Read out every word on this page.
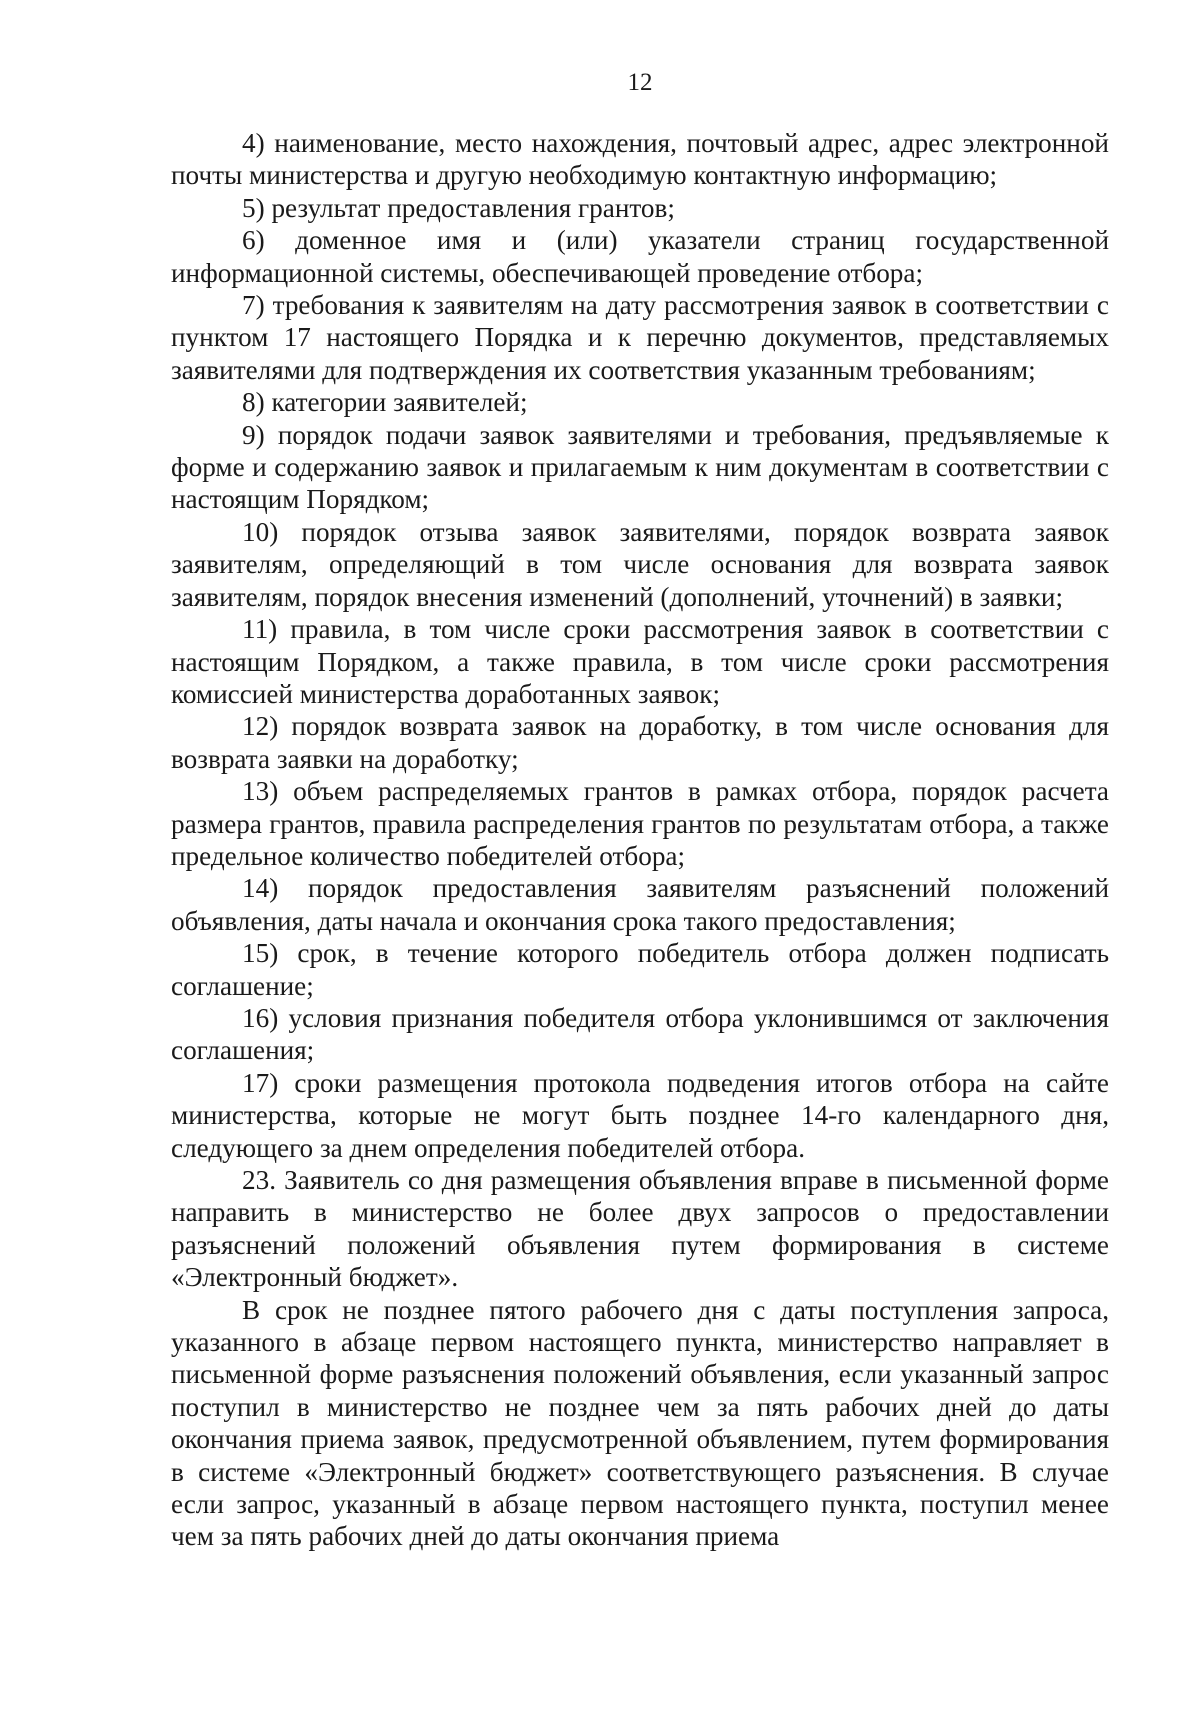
12

4) наименование, место нахождения, почтовый адрес, адрес электронной почты министерства и другую необходимую контактную информацию;

5) результат предоставления грантов;

6) доменное имя и (или) указатели страниц государственной информационной системы, обеспечивающей проведение отбора;

7) требования к заявителям на дату рассмотрения заявок в соответствии с пунктом 17 настоящего Порядка и к перечню документов, представляемых заявителями для подтверждения их соответствия указанным требованиям;

8) категории заявителей;

9) порядок подачи заявок заявителями и требования, предъявляемые к форме и содержанию заявок и прилагаемым к ним документам в соответствии с настоящим Порядком;

10) порядок отзыва заявок заявителями, порядок возврата заявок заявителям, определяющий в том числе основания для возврата заявок заявителям, порядок внесения изменений (дополнений, уточнений) в заявки;

11) правила, в том числе сроки рассмотрения заявок в соответствии с настоящим Порядком, а также правила, в том числе сроки рассмотрения комиссией министерства доработанных заявок;

12) порядок возврата заявок на доработку, в том числе основания для возврата заявки на доработку;

13) объем распределяемых грантов в рамках отбора, порядок расчета размера грантов, правила распределения грантов по результатам отбора, а также предельное количество победителей отбора;

14) порядок предоставления заявителям разъяснений положений объявления, даты начала и окончания срока такого предоставления;

15) срок, в течение которого победитель отбора должен подписать соглашение;

16) условия признания победителя отбора уклонившимся от заключения соглашения;

17) сроки размещения протокола подведения итогов отбора на сайте министерства, которые не могут быть позднее 14-го календарного дня, следующего за днем определения победителей отбора.

23. Заявитель со дня размещения объявления вправе в письменной форме направить в министерство не более двух запросов о предоставлении разъяснений положений объявления путем формирования в системе «Электронный бюджет».

В срок не позднее пятого рабочего дня с даты поступления запроса, указанного в абзаце первом настоящего пункта, министерство направляет в письменной форме разъяснения положений объявления, если указанный запрос поступил в министерство не позднее чем за пять рабочих дней до даты окончания приема заявок, предусмотренной объявлением, путем формирования в системе «Электронный бюджет» соответствующего разъяснения. В случае если запрос, указанный в абзаце первом настоящего пункта, поступил менее чем за пять рабочих дней до даты окончания приема
